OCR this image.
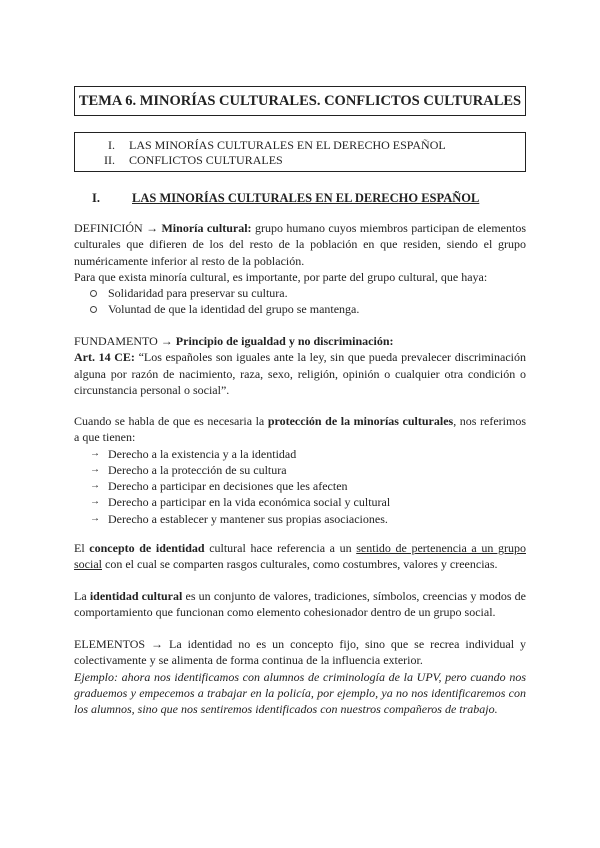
TEMA 6. MINORÍAS CULTURALES. CONFLICTOS CULTURALES
I.	LAS MINORÍAS CULTURALES EN EL DERECHO ESPAÑOL
II.	CONFLICTOS CULTURALES
I.	LAS MINORÍAS CULTURALES EN EL DERECHO ESPAÑOL

DEFINICIÓN → Minoría cultural: grupo humano cuyos miembros participan de elementos culturales que difieren de los del resto de la población en que residen, siendo el grupo numéricamente inferior al resto de la población.

Para que exista minoría cultural, es importante, por parte del grupo cultural, que haya:

Solidaridad para preservar su cultura.
Voluntad de que la identidad del grupo se mantenga.

FUNDAMENTO → Principio de igualdad y no discriminación:

Art. 14 CE: “Los españoles son iguales ante la ley, sin que pueda prevalecer discriminación alguna por razón de nacimiento, raza, sexo, religión, opinión o cualquier otra condición o circunstancia personal o social”.

Cuando se habla de que es necesaria la protección de la minorías culturales, nos referimos a que tienen:

→ Derecho a la existencia y a la identidad
→ Derecho a la protección de su cultura
→ Derecho a participar en decisiones que les afecten
→ Derecho a participar en la vida económica social y cultural
→ Derecho a establecer y mantener sus propias asociaciones.

El concepto de identidad cultural hace referencia a un sentido de pertenencia a un grupo social con el cual se comparten rasgos culturales, como costumbres, valores y creencias.

La identidad cultural es un conjunto de valores, tradiciones, símbolos, creencias y modos de comportamiento que funcionan como elemento cohesionador dentro de un grupo social.

ELEMENTOS → La identidad no es un concepto fijo, sino que se recrea individual y colectivamente y se alimenta de forma continua de la influencia exterior.

Ejemplo: ahora nos identificamos con alumnos de criminología de la UPV, pero cuando nos graduemos y empecemos a trabajar en la policía, por ejemplo, ya no nos identificaremos con los alumnos, sino que nos sentiremos identificados con nuestros compañeros de trabajo.
